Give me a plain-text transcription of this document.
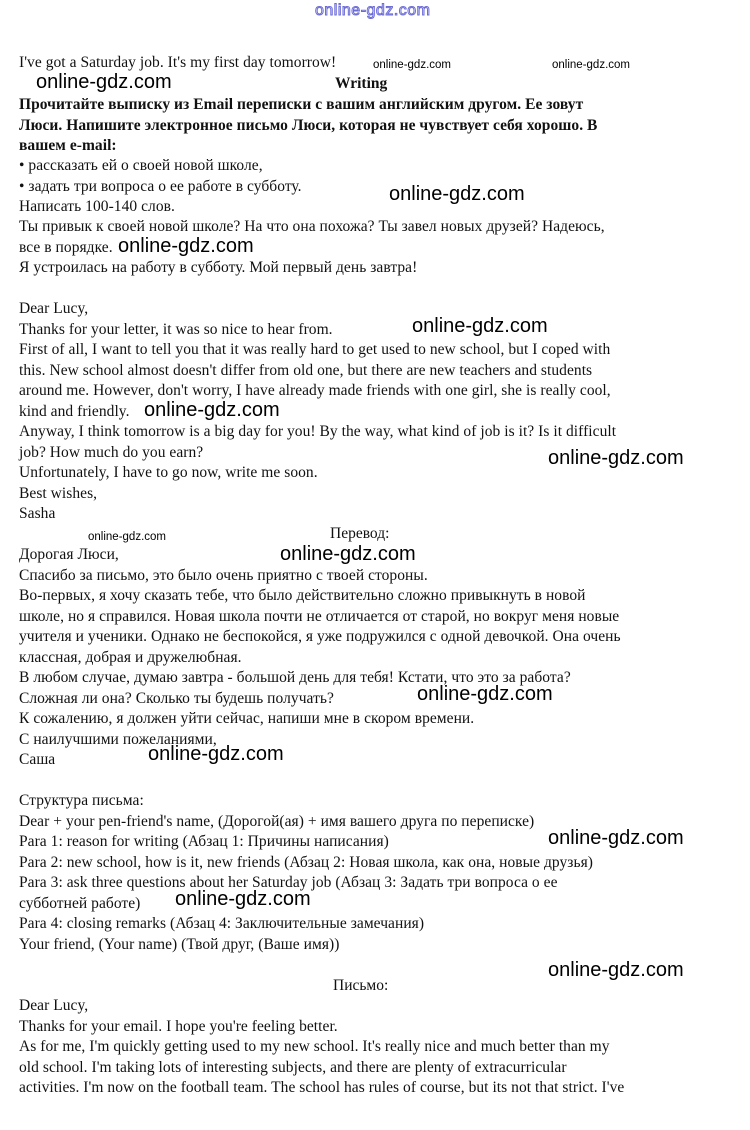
online-gdz.com
I've got a Saturday job. It's my first day tomorrow!
Writing
Прочитайте выписку из Email переписки с вашим английским другом. Ее зовут
Люси. Напишите электронное письмо Люси, которая не чувствует себя хорошо. В
вашем e-mail:
• рассказать ей о своей новой школе,
• задать три вопроса о ее работе в субботу.
Написать 100-140 слов.
Ты привык к своей новой школе? На что она похожа? Ты завел новых друзей? Надеюсь,
все в порядке.
Я устроилась на работу в субботу. Мой первый день завтра!
Dear Lucy,
Thanks for your letter, it was so nice to hear from.
First of all, I want to tell you that it was really hard to get used to new school, but I coped with
this. New school almost doesn't differ from old one, but there are new teachers and students
around me. However, don't worry, I have already made friends with one girl, she is really cool,
kind and friendly.
Anyway, I think tomorrow is a big day for you! By the way, what kind of job is it? Is it difficult
job? How much do you earn?
Unfortunately, I have to go now, write me soon.
Best wishes,
Sasha
Перевод:
Дорогая Люси,
Спасибо за письмо, это было очень приятно с твоей стороны.
Во-первых, я хочу сказать тебе, что было действительно сложно привыкнуть в новой
школе, но я справился. Новая школа почти не отличается от старой, но вокруг меня новые
учителя и ученики. Однако не беспокойся, я уже подружился с одной девочкой. Она очень
классная, добрая и дружелюбная.
В любом случае, думаю завтра - большой день для тебя! Кстати, что это за работа?
Сложная ли она? Сколько ты будешь получать?
К сожалению, я должен уйти сейчас, напиши мне в скором времени.
С наилучшими пожеланиями,
Саша
Структура письма:
Dear + your pen-friend's name, (Дорогой(ая) + имя вашего друга по переписке)
Para 1: reason for writing (Абзац 1: Причины написания)
Para 2: new school, how is it, new friends (Абзац 2: Новая школа, как она, новые друзья)
Para 3: ask three questions about her Saturday job (Абзац 3: Задать три вопроса о ее
субботней работе)
Para 4: closing remarks (Абзац 4: Заключительные замечания)
Your friend, (Your name) (Твой друг, (Ваше имя))
Письмо:
Dear Lucy,
Thanks for your email. I hope you're feeling better.
As for me, I'm quickly getting used to my new school. It's really nice and much better than my
old school. I'm taking lots of interesting subjects, and there are plenty of extracurricular
activities. I'm now on the football team. The school has rules of course, but its not that strict. I've
online-gdz.com
online-gdz.com	online-gdz.com
online-gdz.com
online-gdz.com
online-gdz.com
online-gdz.com
online-gdz.com
online-gdz.com
online-gdz.com
online-gdz.com
online-gdz.com
online-gdz.com
online-gdz.com
online-gdz.com
